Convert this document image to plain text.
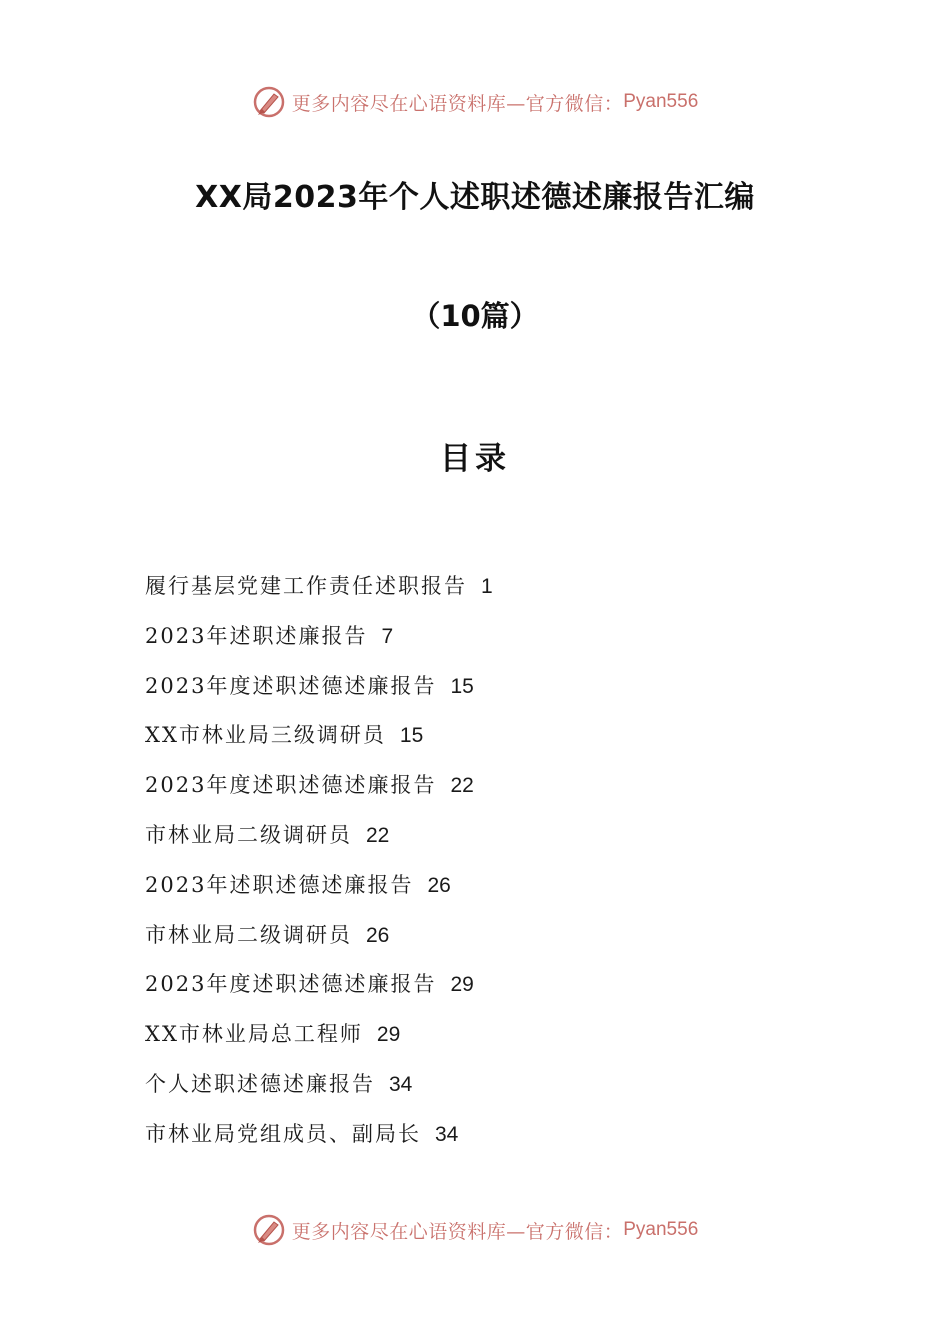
更多内容尽在心语资料库—官方微信： Pyan556
XX局2023年个人述职述德述廉报告汇编
（10篇）
目录
履行基层党建工作责任述职报告 1
2023年述职述廉报告 7
2023年度述职述德述廉报告 15
XX市林业局三级调研员 15
2023年度述职述德述廉报告 22
市林业局二级调研员 22
2023年述职述德述廉报告 26
市林业局二级调研员 26
2023年度述职述德述廉报告 29
XX市林业局总工程师 29
个人述职述德述廉报告 34
市林业局党组成员、副局长 34
更多内容尽在心语资料库—官方微信： Pyan556
